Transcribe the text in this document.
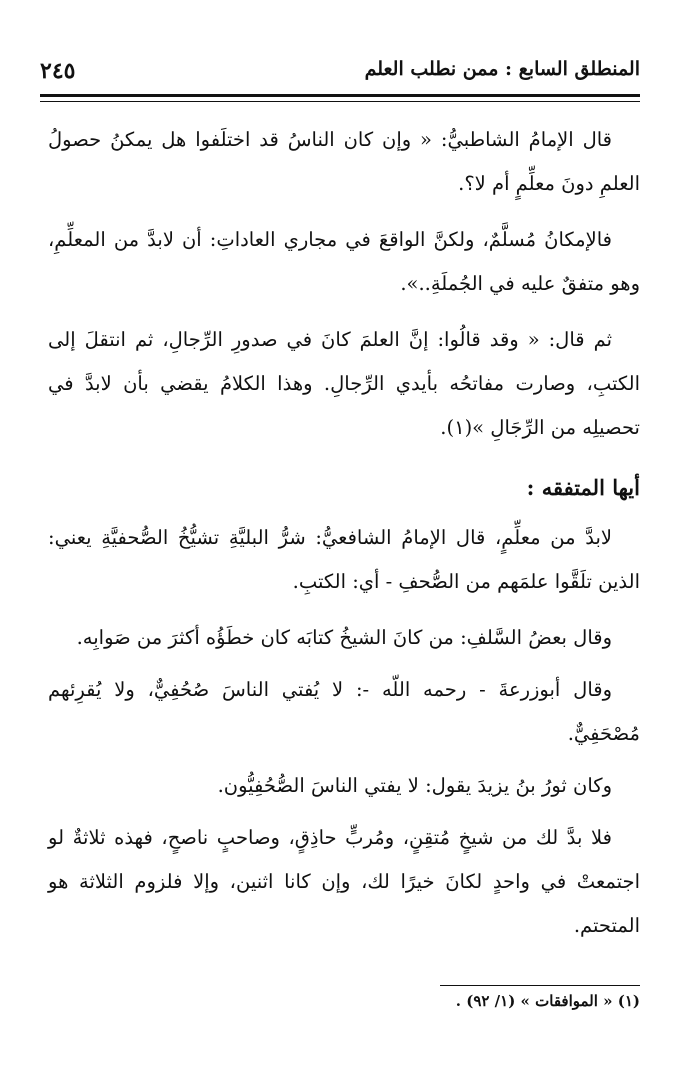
المنطلق السابع : ممن نطلب العلم
٢٤٥

قال الإمامُ الشاطبيُّ: « وإن كان الناسُ قد اختلَفوا هل يمكنُ حصولُ العلمِ دونَ معلِّمٍ أم لا؟.

فالإمكانُ مُسلَّمٌ، ولكنَّ الواقعَ في مجاري العاداتِ: أن لابدَّ من المعلِّمِ، وهو متفقٌ عليه في الجُملَةِ..».

ثم قال: « وقد قالُوا: إنَّ العلمَ كانَ في صدورِ الرِّجالِ، ثم انتقلَ إلى الكتبِ، وصارت مفاتحُه بأيدي الرِّجالِ. وهذا الكلامُ يقضي بأن لابدَّ في تحصيلِه من الرِّجَالِ »(١).

أيها المتفقه :

لابدَّ من معلِّمٍ، قال الإمامُ الشافعيُّ: شرُّ البليَّةِ تشيُّخُ الصُّحفيَّةِ يعني: الذين تلَقَّوا علمَهم من الصُّحفِ - أي: الكتبِ.

وقال بعضُ السَّلفِ: من كانَ الشيخُ كتابَه كان خطَؤُه أكثرَ من صَوابِه.

وقال أبوزرعةَ - رحمه اللّه -: لا يُفتي الناسَ صُحُفِيٌّ، ولا يُقرِئهم مُصْحَفِيٌّ.

وكان ثورُ بنُ يزيدَ يقول: لا يفتي الناسَ الصُّحُفِيُّون.

فلا بدَّ لك من شيخٍ مُتقِنٍ، ومُربٍّ حاذِقٍ، وصاحبٍ ناصحٍ، فهذه ثلاثةٌ لو اجتمعتْ في واحدٍ لكانَ خيرًا لك، وإن كانا اثنين، وإلا فلزوم الثلاثة هو المتحتم.

(١) « الموافقات » (١/ ٩٢) .
